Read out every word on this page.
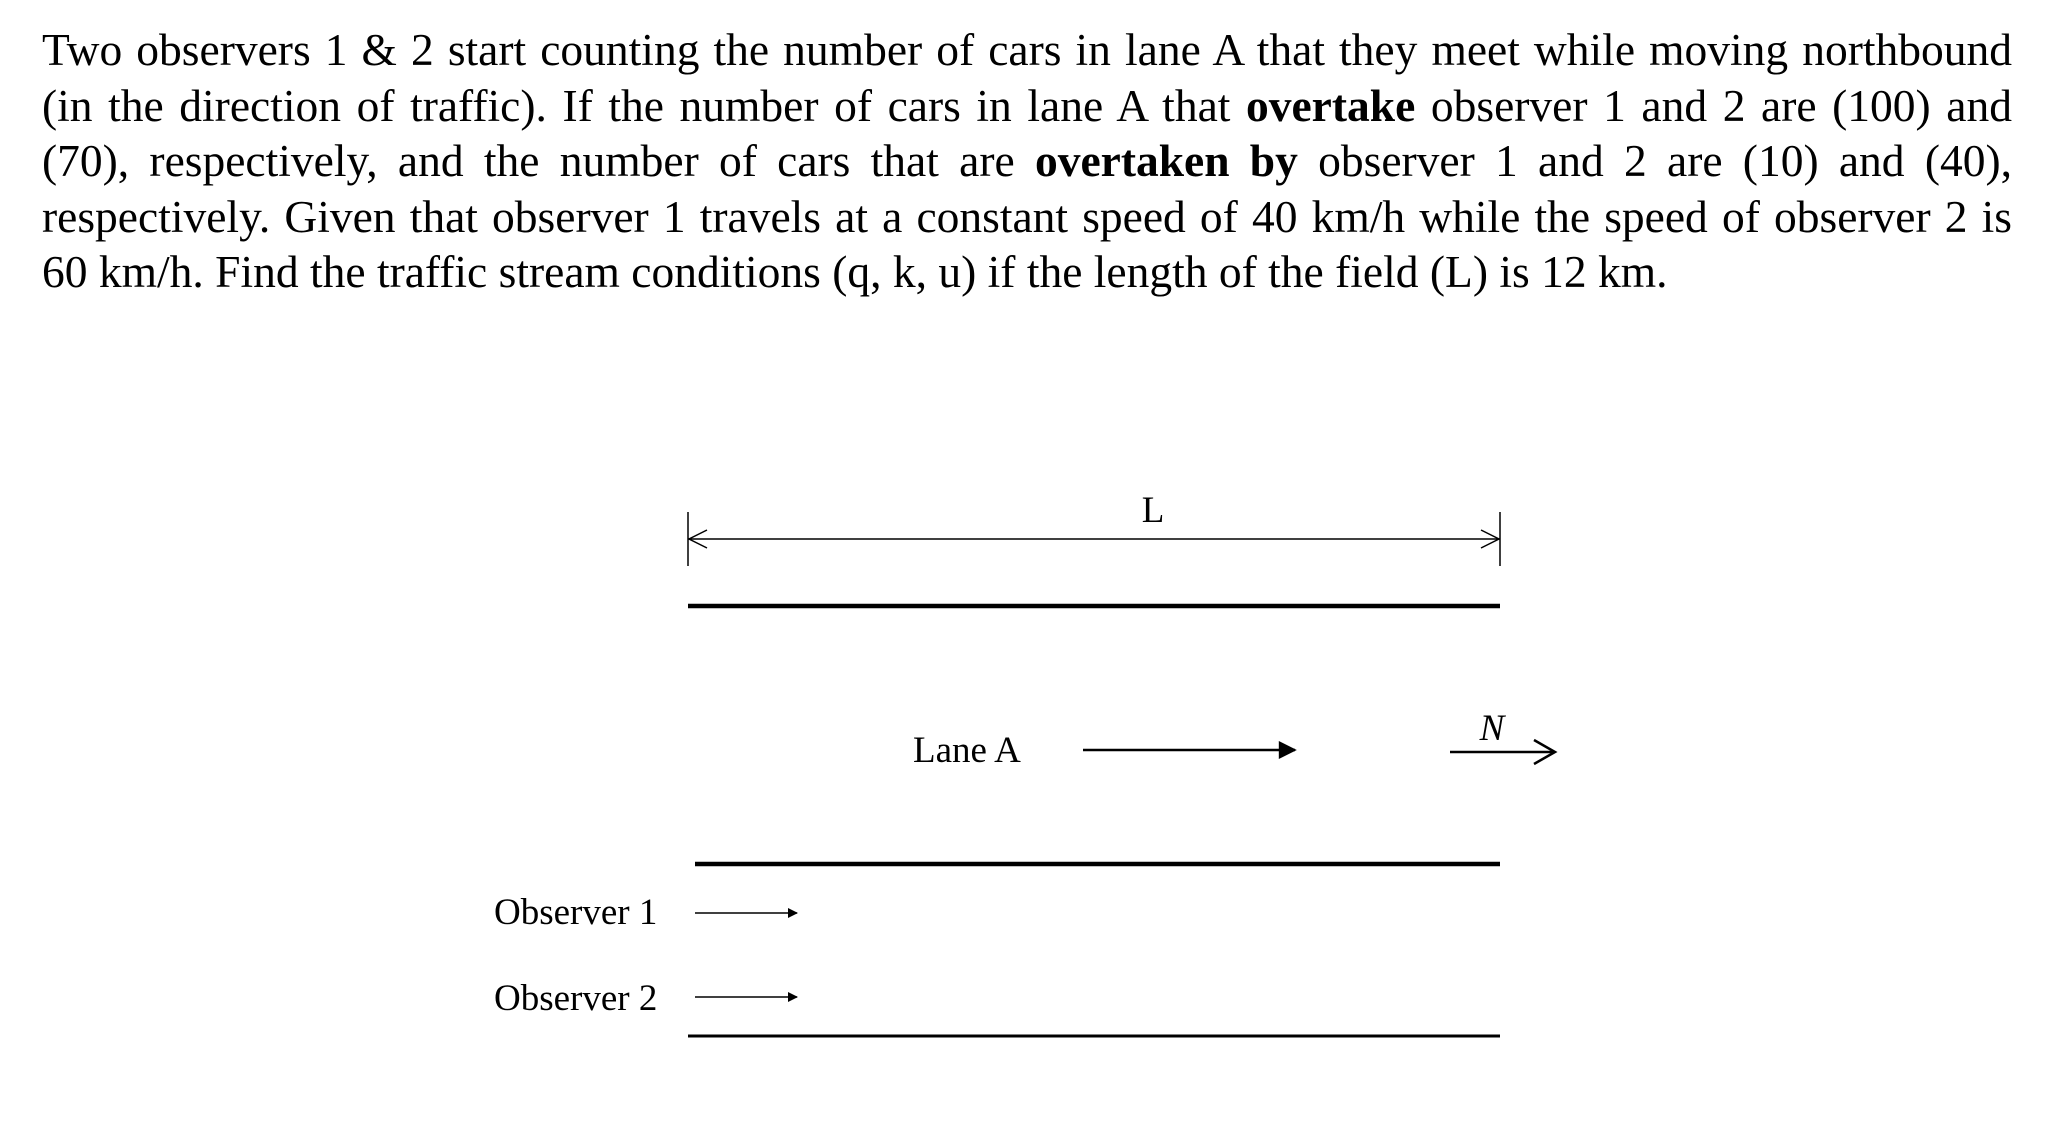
Two observers 1 & 2 start counting the number of cars in lane A that they meet while moving northbound (in the direction of traffic). If the number of cars in lane A that overtake observer 1 and 2 are (100) and (70), respectively, and the number of cars that are overtaken by observer 1 and 2 are (10) and (40), respectively. Given that observer 1 travels at a constant speed of 40 km/h while the speed of observer 2 is 60 km/h. Find the traffic stream conditions (q, k, u) if the length of the field (L) is 12 km.

L
Lane A
N
Observer 1
Observer 2
